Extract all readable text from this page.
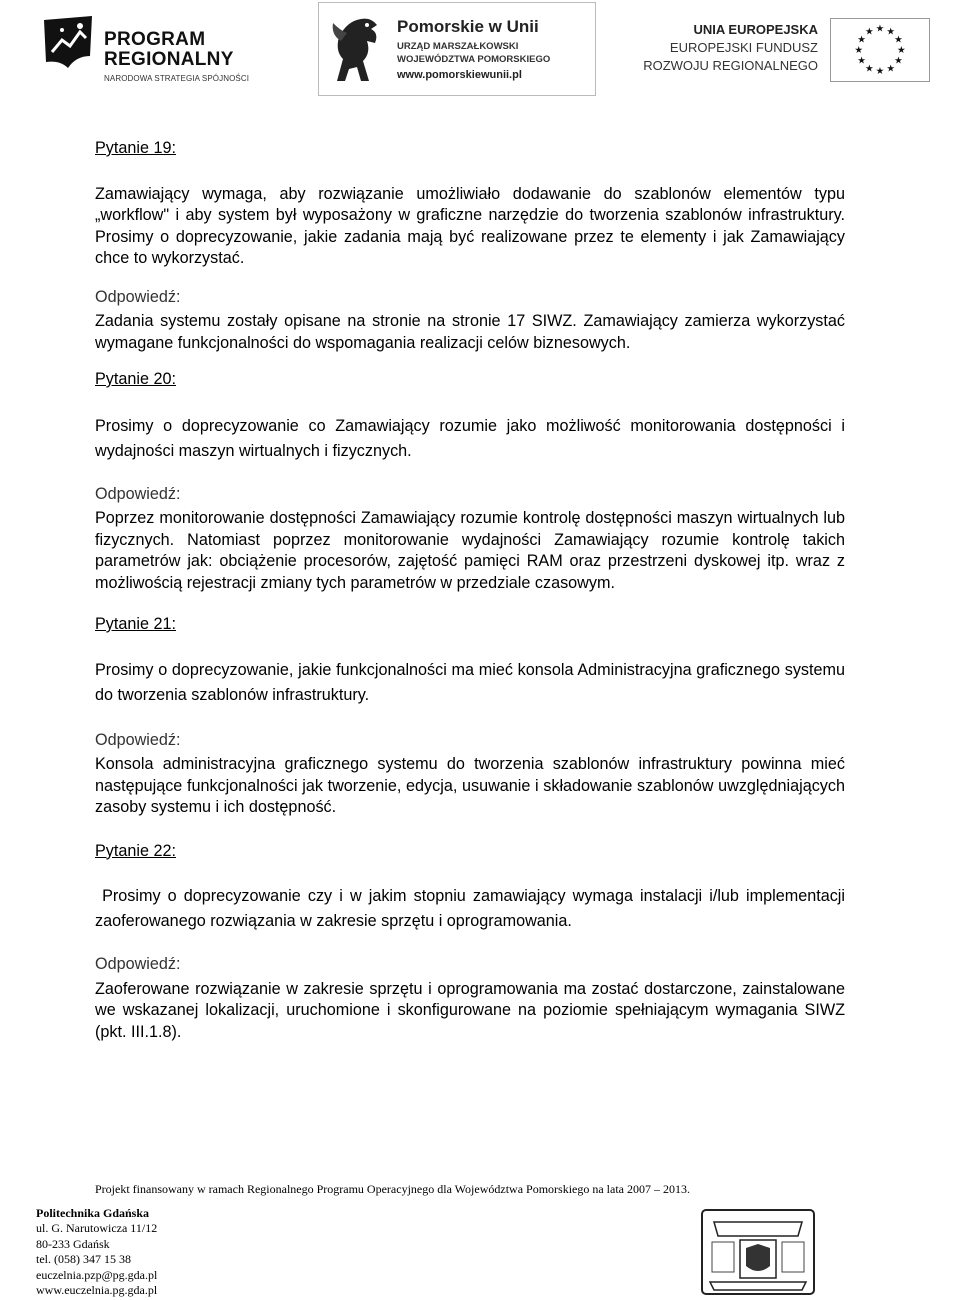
PROGRAM
REGIONALNY
NARODOWA STRATEGIA SPÓJNOŚCI
Pomorskie w Unii
URZĄD MARSZAŁKOWSKI
WOJEWÓDZTWA POMORSKIEGO
www.pomorskiewunii.pl
UNIA EUROPEJSKA
EUROPEJSKI FUNDUSZ
ROZWOJU REGIONALNEGO
★ ★
★
★
★
★
★
★
★
★
★
★
Pytanie 19:

Zamawiający wymaga, aby rozwiązanie umożliwiało dodawanie do szablonów elementów typu „workflow" i aby system był wyposażony w graficzne narzędzie do tworzenia szablonów infrastruktury. Prosimy o doprecyzowanie, jakie zadania mają być realizowane przez te elementy i jak Zamawiający chce to wykorzystać.

Odpowiedź:

Zadania systemu zostały opisane na stronie na stronie 17 SIWZ. Zamawiający zamierza wykorzystać wymagane funkcjonalności do wspomagania realizacji celów biznesowych.

Pytanie 20:

Prosimy o doprecyzowanie co Zamawiający rozumie jako możliwość monitorowania dostępności i wydajności maszyn wirtualnych i fizycznych.

Odpowiedź:

Poprzez monitorowanie dostępności Zamawiający rozumie kontrolę dostępności maszyn wirtualnych lub fizycznych. Natomiast poprzez monitorowanie wydajności Zamawiający rozumie kontrolę takich parametrów jak: obciążenie procesorów, zajętość pamięci RAM oraz przestrzeni dyskowej itp. wraz z możliwością rejestracji zmiany tych parametrów w przedziale czasowym.

Pytanie 21:

Prosimy o doprecyzowanie, jakie funkcjonalności ma mieć konsola Administracyjna graficznego systemu do tworzenia szablonów infrastruktury.

Odpowiedź:

Konsola administracyjna graficznego systemu do tworzenia szablonów infrastruktury powinna mieć następujące funkcjonalności jak tworzenie, edycja, usuwanie i składowanie szablonów uwzględniających zasoby systemu i ich dostępność.

Pytanie 22:

Prosimy o doprecyzowanie czy i w jakim stopniu zamawiający wymaga instalacji i/lub implementacji zaoferowanego rozwiązania w zakresie sprzętu i oprogramowania.

Odpowiedź:

Zaoferowane rozwiązanie w zakresie sprzętu i oprogramowania ma zostać dostarczone, zainstalowane we wskazanej lokalizacji, uruchomione i skonfigurowane na poziomie spełniającym wymagania SIWZ (pkt. III.1.8).

Projekt finansowany w ramach Regionalnego Programu Operacyjnego dla Województwa Pomorskiego na lata 2007 – 2013.
Politechnika Gdańska
ul. G. Narutowicza 11/12
80-233 Gdańsk
tel. (058) 347 15 38
euczelnia.pzp@pg.gda.pl
www.euczelnia.pg.gda.pl
